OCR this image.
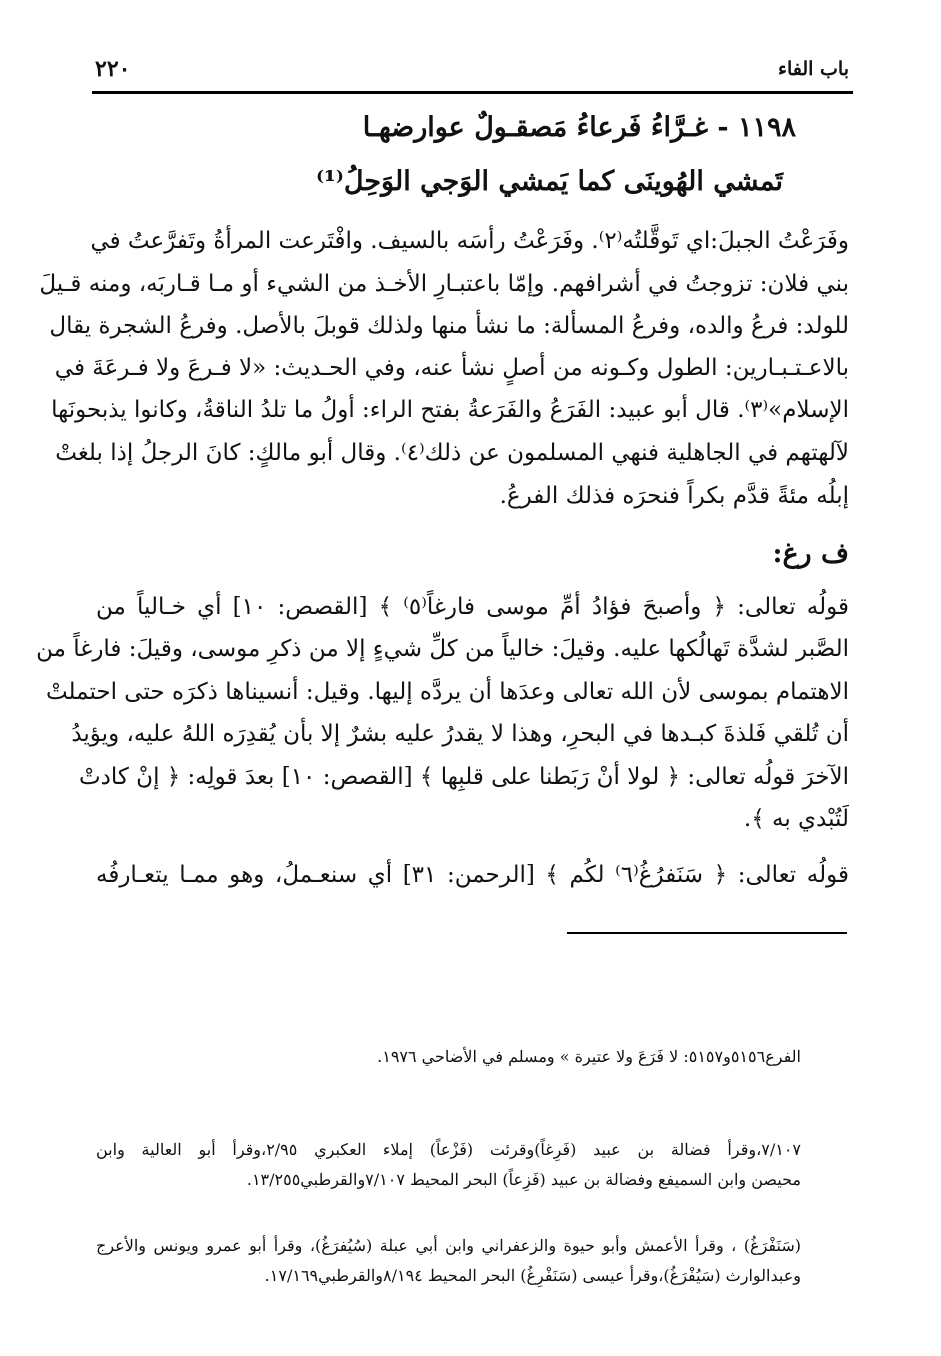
باب الفاء
٢٢٠
١١٩٨ - غـرَّاءُ فَرعاءُ مَصقـولٌ عوارضهـا
تَمشي الهُوينَى كما يَمشي الوَجي الوَحِلُ⁽¹⁾
وفَرَعْتُ الجبلَ:اي تَوقَّلتُه⁽٢⁾. وفَرَعْتُ رأسَه بالسيف. وافْتَرعت المرأةُ وتَفرَّعتُ في
بني فلان: تزوجتُ في أشرافهم. وإمّا باعتبـارِ الأخـذ من الشيء أو مـا قـاربَه، ومنه قـيلَ
للولد: فرعُ والده، وفرعُ المسألة: ما نشأ منها ولذلك قوبلَ بالأصل. وفرعُ الشجرة يقال
بالاعـتـبـارين: الطول وكـونه من أصلٍ نشأ عنه، وفي الحـديث: «لا فـرعَ ولا فـرعَةَ في
الإسلام»⁽٣⁾. قال أبو عبيد: الفَرَعُ والفَرَعةُ بفتح الراء: أولُ ما تلدُ الناقةُ، وكانوا يذبحونَها
لآلهتهم في الجاهلية فنهي المسلمون عن ذلك⁽٤⁾. وقال أبو مالكٍ: كانَ الرجلُ إذا بلغتْ
إبلُه مئةً قدَّم بكراً فنحرَه فذلك الفرعُ.
ف رغ:
قولُه تعالى: ﴿ وأصبحَ فؤادُ أمِّ موسى فارغاً⁽٥⁾ ﴾ [القصص: ١٠] أي خـالياً من
الصَّبر لشدَّة تَهالُكها عليه. وقيلَ: خالياً من كلِّ شيءٍ إلا من ذكرِ موسى، وقيلَ: فارغاً من
الاهتمام بموسى لأن الله تعالى وعدَها أن يردَّه إليها. وقيل: أنسيناها ذكرَه حتى احتملتْ
أن تُلقي فَلذةَ كبـدها في البحرِ، وهذا لا يقدرُ عليه بشرٌ إلا بأن يُقدِرَه اللهُ عليه، ويؤيدُ
الآخرَ قولُه تعالى: ﴿ لولا أنْ رَبَطنا على قلبِها ﴾ [القصص: ١٠] بعدَ قولِه: ﴿ إنْ كادتْ
لَتُبْدي به ﴾.
قولُه تعالى: ﴿ سَنَفرُغُ⁽٦⁾ لكُم ﴾ [الرحمن: ٣١] أي سنعـملُ، وهو ممـا يتعـارفُه
الفرع٥١٥٦و٥١٥٧: لا فَرَعَ ولا عتيرة » ومسلم في الأضاحي ١٩٧٦.
٧/١٠٧،وقرأ فضالة بن عبيد (فَرِغاً)وقرئت (فَزْعاً) إملاء العكبري ٢/٩٥،وقرأ أبو العالية وابن
محيصن وابن السميفع وفضالة بن عبيد (فَزِعاً) البحر المحيط ٧/١٠٧والقرطبي١٣/٢٥٥.
(سَنَفْرَغُ) ، وقرأ الأعمش وأبو حيوة والزعفراني وابن أبي عبلة (سُيُفرَغُ)، وقرأ أبو عمرو ويونس والأعرج
وعبدالوارث (سَيُفْرَغُ)،وقرأ عيسى (سَنَفْرِغُ) البحر المحيط ٨/١٩٤والقرطبي١٧/١٦٩.
